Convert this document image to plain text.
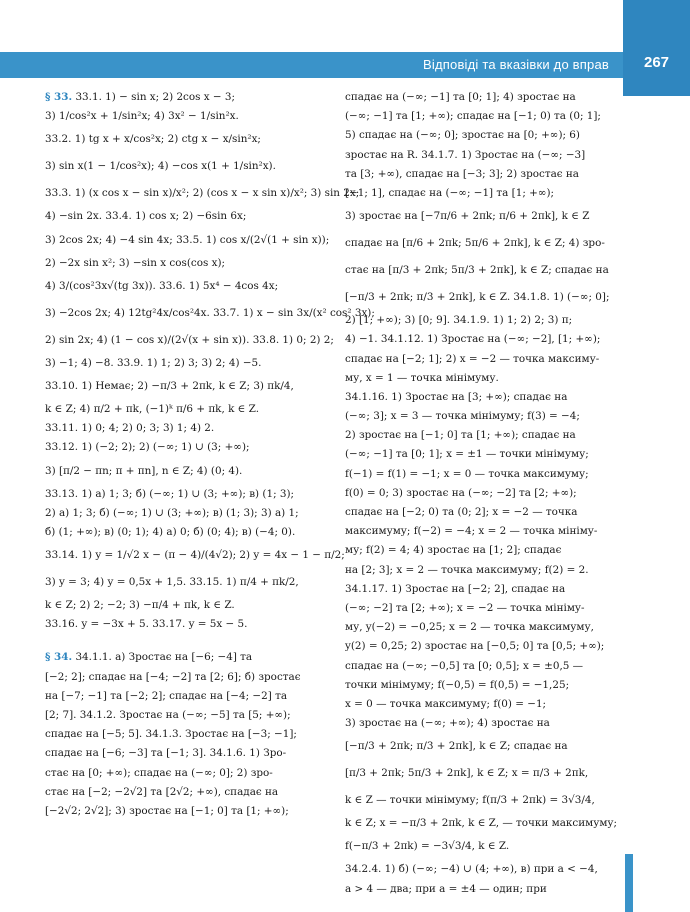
267
Відповіді та вказівки до вправ
§ 33. 33.1. 1) − sin x; 2) 2cos x − 3;
3) 1/cos²x + 1/sin²x; 4) 3x² − 1/sin²x.
33.2. 1) tg x + x/cos²x; 2) ctg x − x/sin²x;
3) sin x(1 − 1/cos²x); 4) −cos x(1 + 1/sin²x).
33.3. 1) (x cos x − sin x)/x²; 2) (cos x − x sin x)/x²; 3) sin 2x;
4) −sin 2x. 33.4. 1) cos x; 2) −6sin 6x;
3) 2cos 2x; 4) −4 sin 4x; 33.5. 1) cos x/(2√(1 + sin x));
2) −2x sin x²; 3) −sin x cos(cos x);
4) 3/(cos²3x√(tg 3x)). 33.6. 1) 5x⁴ − 4cos 4x;
3) −2cos 2x; 4) 12tg²4x/cos²4x. 33.7. 1) x − sin 3x/(x² cos² 3x);
2) sin 2x; 4) (1 − cos x)/(2√(x + sin x)). 33.8. 1) 0; 2) 2;
3) −1; 4) −8. 33.9. 1) 1; 2) 3; 3) 2; 4) −5.
33.10. 1) Немає; 2) −π/3 + 2πk, k ∈ Z; 3) πk/4,
k ∈ Z; 4) π/2 + πk, (−1)ᵏ π/6 + πk, k ∈ Z.
33.11. 1) 0; 4; 2) 0; 3; 3) 1; 4) 2.
33.12. 1) (−2; 2); 2) (−∞; 1) ∪ (3; +∞);
3) [π/2 − πn; π + πn], n ∈ Z; 4) (0; 4).
33.13. 1) а) 1; 3; б) (−∞; 1) ∪ (3; +∞); в) (1; 3);
2) а) 1; 3; б) (−∞; 1) ∪ (3; +∞); в) (1; 3); 3) а) 1;
б) (1; +∞); в) (0; 1); 4) а) 0; б) (0; 4); в) (−4; 0).
33.14. 1) y = 1/√2 x − (π − 4)/(4√2); 2) y = 4x − 1 − π/2;
3) y = 3; 4) y = 0,5x + 1,5. 33.15. 1) π/4 + πk/2,
k ∈ Z; 2) 2; −2; 3) −π/4 + πk, k ∈ Z.
33.16. y = −3x + 5. 33.17. y = 5x − 5.
§ 34. 34.1.1. а) Зростає на [−6; −4] та
[−2; 2]; спадає на [−4; −2] та [2; 6]; б) зростає
на [−7; −1] та [−2; 2]; спадає на [−4; −2] та
[2; 7]. 34.1.2. Зростає на (−∞; −5] та [5; +∞);
спадає на [−5; 5]. 34.1.3. Зростає на [−3; −1];
спадає на [−6; −3] та [−1; 3]. 34.1.6. 1) Зро-
стає на [0; +∞); спадає на (−∞; 0]; 2) зро-
стає на [−2; −2√2] та [2√2; +∞), спадає на
[−2√2; 2√2]; 3) зростає на [−1; 0] та [1; +∞);
спадає на (−∞; −1] та [0; 1]; 4) зростає на
(−∞; −1] та [1; +∞); спадає на [−1; 0) та (0; 1];
5) спадає на (−∞; 0]; зростає на [0; +∞); 6)
зростає на R. 34.1.7. 1) Зростає на (−∞; −3]
та [3; +∞), спадає на [−3; 3]; 2) зростає на
[−1; 1], спадає на (−∞; −1] та [1; +∞);
3) зростає на [−7π/6 + 2πk; π/6 + 2πk], k ∈ Z
спадає на [π/6 + 2πk; 5π/6 + 2πk], k ∈ Z; 4) зро-
стає на [π/3 + 2πk; 5π/3 + 2πk], k ∈ Z; спадає на
[−π/3 + 2πk; π/3 + 2πk], k ∈ Z. 34.1.8. 1) (−∞; 0];
2) [1; +∞); 3) [0; 9]. 34.1.9. 1) 1; 2) 2; 3) π;
4) −1. 34.1.12. 1) Зростає на (−∞; −2], [1; +∞);
спадає на [−2; 1]; 2) x = −2 — точка максиму-
му, x = 1 — точка мінімуму.
34.1.16. 1) Зростає на [3; +∞); спадає на
(−∞; 3]; x = 3 — точка мінімуму; f(3) = −4;
2) зростає на [−1; 0] та [1; +∞); спадає на
(−∞; −1] та [0; 1]; x = ±1 — точки мінімуму;
f(−1) = f(1) = −1; x = 0 — точка максимуму;
f(0) = 0; 3) зростає на (−∞; −2] та [2; +∞);
спадає на [−2; 0) та (0; 2]; x = −2 — точка
максимуму; f(−2) = −4; x = 2 — точка мініму-
му; f(2) = 4; 4) зростає на [1; 2]; спадає
на [2; 3]; x = 2 — точка максимуму; f(2) = 2.
34.1.17. 1) Зростає на [−2; 2], спадає на
(−∞; −2] та [2; +∞); x = −2 — точка мініму-
му, y(−2) = −0,25; x = 2 — точка максимуму,
y(2) = 0,25; 2) зростає на [−0,5; 0] та [0,5; +∞);
спадає на (−∞; −0,5] та [0; 0,5]; x = ±0,5 —
точки мінімуму; f(−0,5) = f(0,5) = −1,25;
x = 0 — точка максимуму; f(0) = −1;
3) зростає на (−∞; +∞); 4) зростає на
[−π/3 + 2πk; π/3 + 2πk], k ∈ Z; спадає на
[π/3 + 2πk; 5π/3 + 2πk], k ∈ Z; x = π/3 + 2πk,
k ∈ Z — точки мінімуму; f(π/3 + 2πk) = 3√3/4,
k ∈ Z; x = −π/3 + 2πk, k ∈ Z, — точки максимуму;
f(−π/3 + 2πk) = −3√3/4, k ∈ Z.
34.2.4. 1) б) (−∞; −4) ∪ (4; +∞), в) при a < −4,
a > 4 — два; при a = ±4 — один; при
